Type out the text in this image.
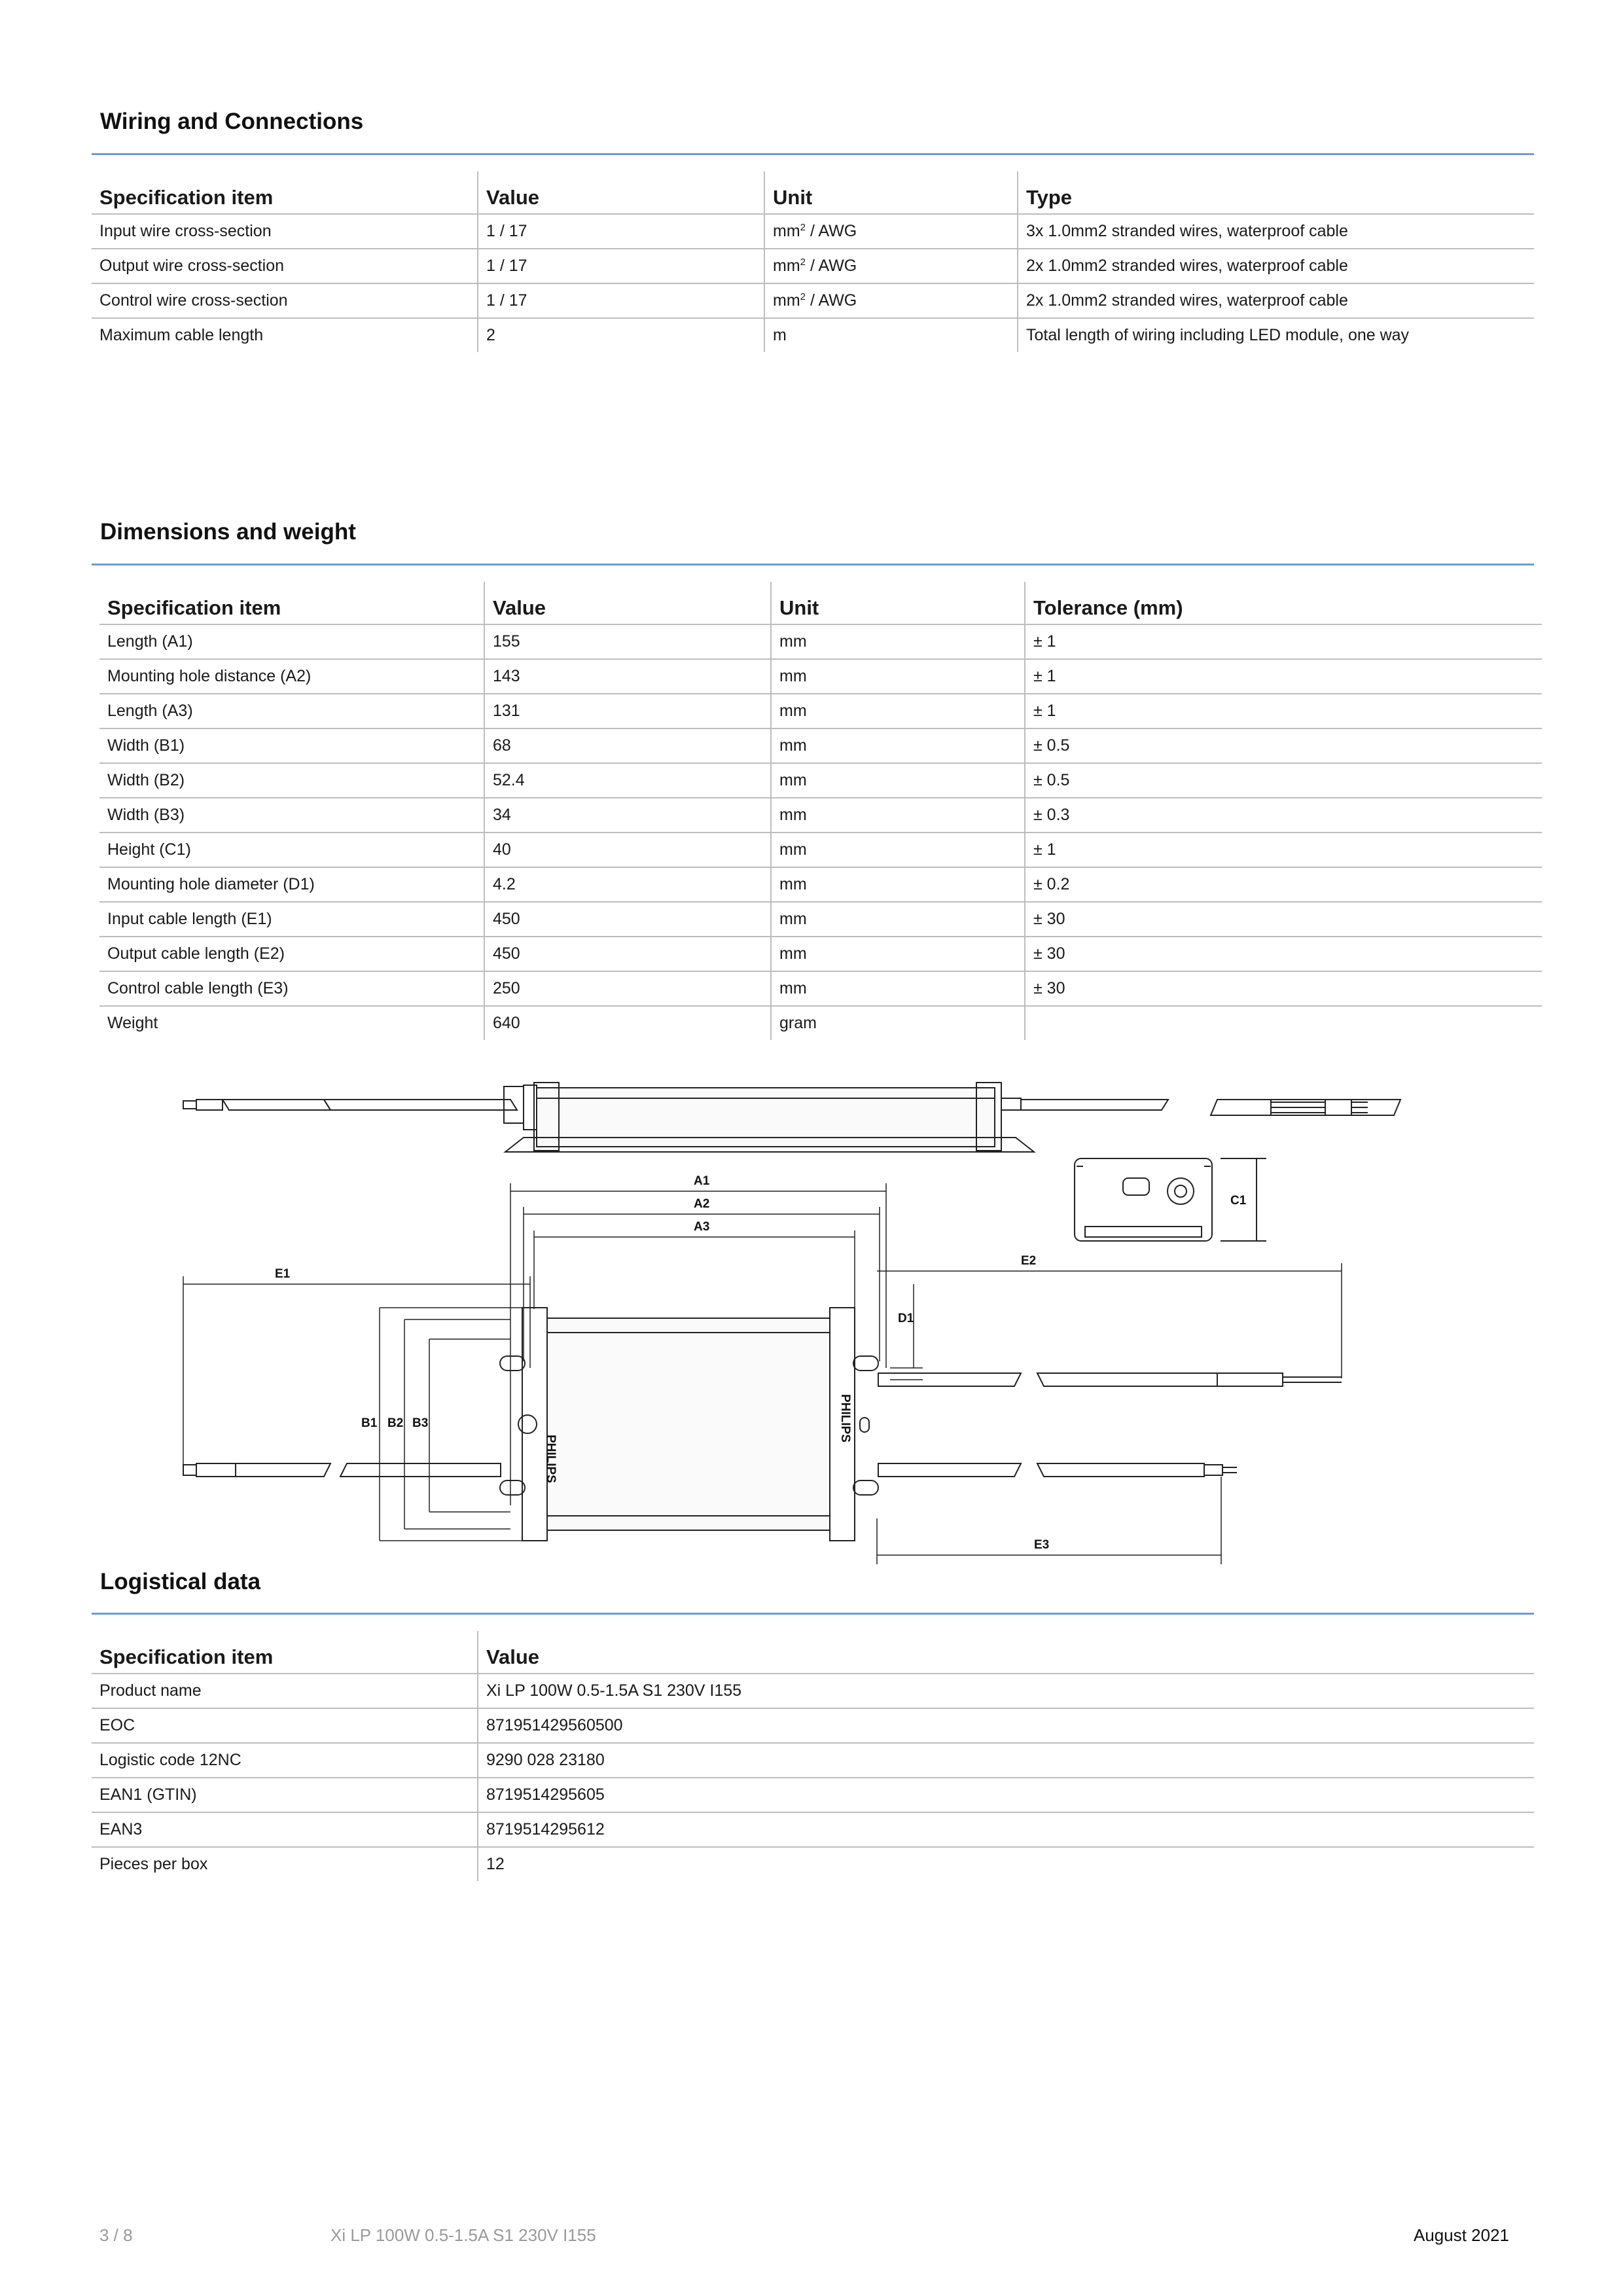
Wiring and Connections
Specification item	Value	Unit	Type
Input wire cross-section	1 / 17	$mm^2$ / AWG	3x 1.0mm2 stranded wires, waterproof cable
Output wire cross-section	1 / 17	$mm^2$ / AWG	2x 1.0mm2 stranded wires, waterproof cable
Control wire cross-section	1 / 17	$mm^2$ / AWG	2x 1.0mm2 stranded wires, waterproof cable
Maximum cable length	2	m	Total length of wiring including LED module, one way
Dimensions and weight
Specification item	Value	Unit	Tolerance (mm)
Length (A1)	155	mm	± 1
Mounting hole distance (A2)	143	mm	± 1
Length (A3)	131	mm	± 1
Width (B1)	68	mm	± 0.5
Width (B2)	52.4	mm	± 0.5
Width (B3)	34	mm	± 0.3
Height (C1)	40	mm	± 1
Mounting hole diameter (D1)	4.2	mm	± 0.2
Input cable length (E1)	450	mm	± 30
Output cable length (E2)	450	mm	± 30
Control cable length (E3)	250	mm	± 30
Weight	640	gram	
A1
A2
A3
E1
E2
E3
D1
C1
B1 B2 B3
PHILIPS
PHILIPS
Logistical data
Specification item	Value
Product name	Xi LP 100W 0.5-1.5A S1 230V I155
EOC	871951429560500
Logistic code 12NC	9290 028 23180
EAN1 (GTIN)	8719514295605
EAN3	8719514295612
Pieces per box	12
3 / 8	Xi LP 100W 0.5-1.5A S1 230V I155	August 2021
